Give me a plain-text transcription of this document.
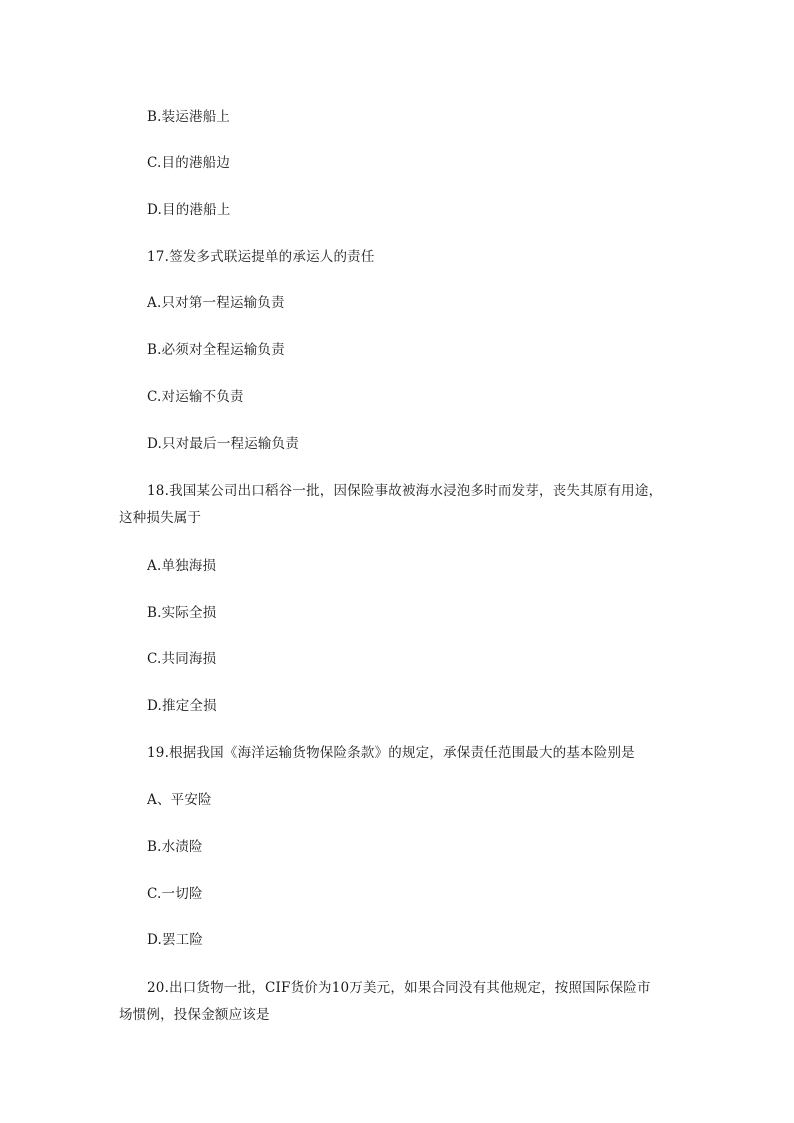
B.装运港船上
C.目的港船边
D.目的港船上
17.签发多式联运提单的承运人的责任
A.只对第一程运输负责
B.必须对全程运输负责
C.对运输不负责
D.只对最后一程运输负责
18.我国某公司出口稻谷一批，因保险事故被海水浸泡多时而发芽，丧失其原有用途，
这种损失属于
A.单独海损
B.实际全损
C.共同海损
D.推定全损
19.根据我国《海洋运输货物保险条款》的规定，承保责任范围最大的基本险别是
A、平安险
B.水渍险
C.一切险
D.罢工险
20.出口货物一批，CIF货价为10万美元，如果合同没有其他规定，按照国际保险市
场惯例，投保金额应该是
